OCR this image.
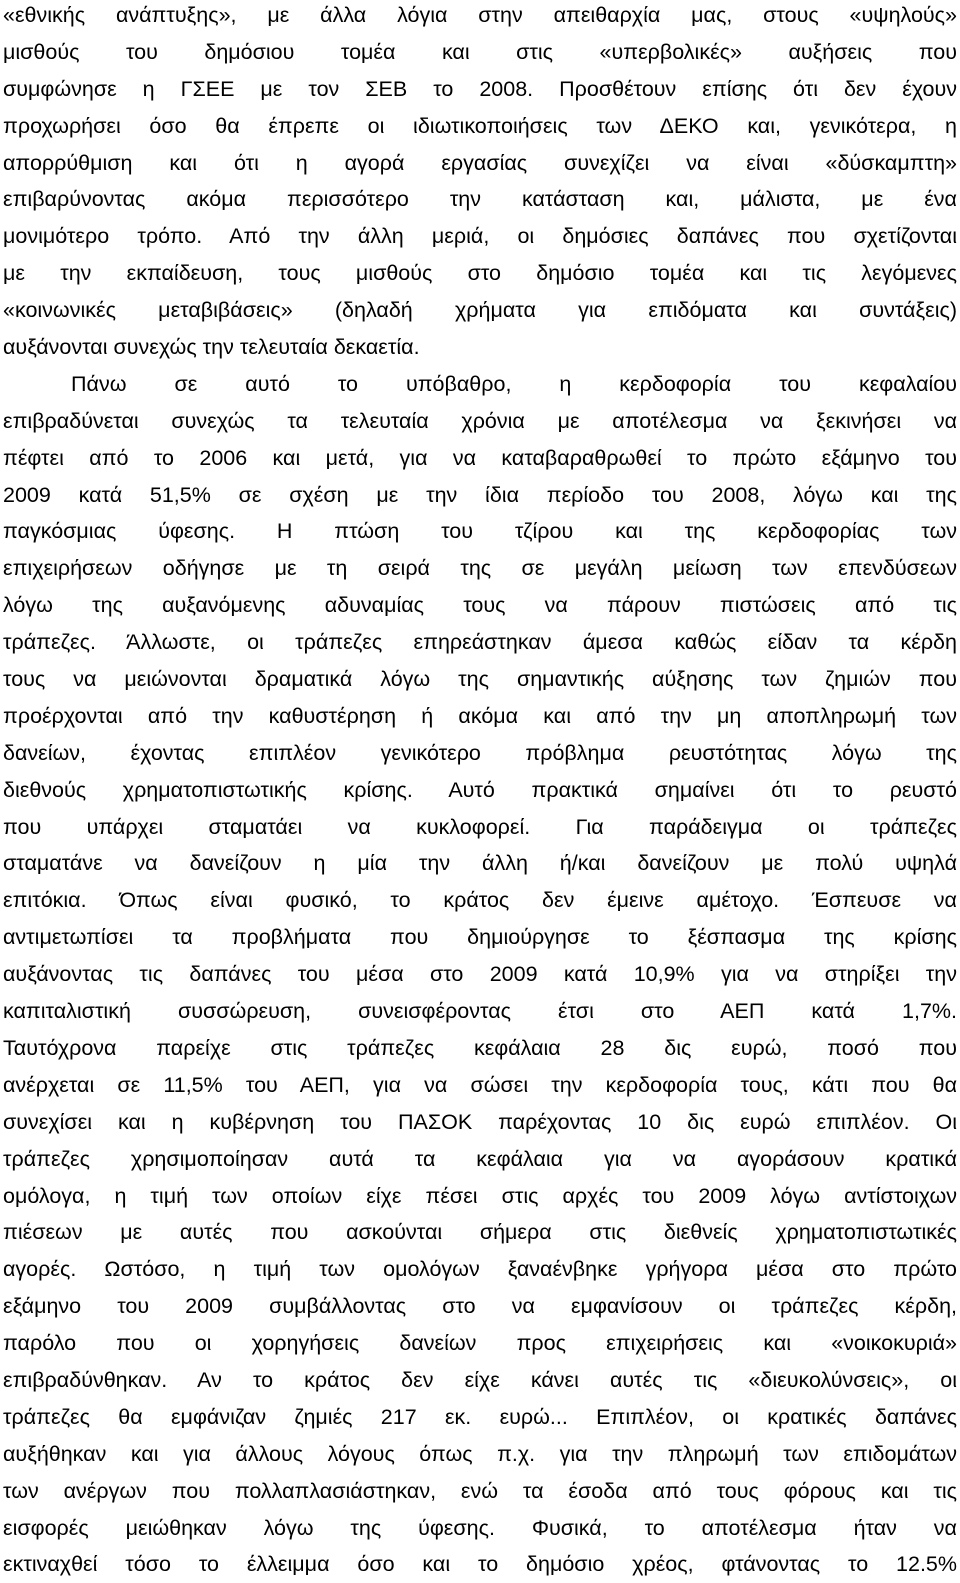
«εθνικής ανάπτυξης», με άλλα λόγια στην απειθαρχία μας, στους «υψηλούς»
μισθούς του δημόσιου τομέα και στις «υπερβολικές» αυξήσεις που
συμφώνησε η ΓΣΕΕ με τον ΣΕΒ το 2008. Προσθέτουν επίσης ότι δεν έχουν
προχωρήσει όσο θα έπρεπε οι ιδιωτικοποιήσεις των ΔΕΚΟ και, γενικότερα, η
απορρύθμιση και ότι η αγορά εργασίας συνεχίζει να είναι «δύσκαμπτη»
επιβαρύνοντας ακόμα περισσότερο την κατάσταση και, μάλιστα, με ένα
μονιμότερο τρόπο. Από την άλλη μεριά, οι δημόσιες δαπάνες που σχετίζονται
με την εκπαίδευση, τους μισθούς στο δημόσιο τομέα και τις λεγόμενες
«κοινωνικές μεταβιβάσεις» (δηλαδή χρήματα για επιδόματα και συντάξεις)
αυξάνονται συνεχώς την τελευταία δεκαετία.
Πάνω σε αυτό το υπόβαθρο, η κερδοφορία του κεφαλαίου
επιβραδύνεται συνεχώς τα τελευταία χρόνια με αποτέλεσμα να ξεκινήσει να
πέφτει από το 2006 και μετά, για να καταβαραθρωθεί το πρώτο εξάμηνο του
2009 κατά 51,5% σε σχέση με την ίδια περίοδο του 2008, λόγω και της
παγκόσμιας ύφεσης. Η πτώση του τζίρου και της κερδοφορίας των
επιχειρήσεων οδήγησε με τη σειρά της σε μεγάλη μείωση των επενδύσεων
λόγω της αυξανόμενης αδυναμίας τους να πάρουν πιστώσεις από τις
τράπεζες. Άλλωστε, οι τράπεζες επηρεάστηκαν άμεσα καθώς είδαν τα κέρδη
τους να μειώνονται δραματικά λόγω της σημαντικής αύξησης των ζημιών που
προέρχονται από την καθυστέρηση ή ακόμα και από την μη αποπληρωμή των
δανείων, έχοντας επιπλέον γενικότερο πρόβλημα ρευστότητας λόγω της
διεθνούς χρηματοπιστωτικής κρίσης. Αυτό πρακτικά σημαίνει ότι το ρευστό
που υπάρχει σταματάει να κυκλοφορεί. Για παράδειγμα οι τράπεζες
σταματάνε να δανείζουν η μία την άλλη ή/και δανείζουν με πολύ υψηλά
επιτόκια. Όπως είναι φυσικό, το κράτος δεν έμεινε αμέτοχο. Έσπευσε να
αντιμετωπίσει τα προβλήματα που δημιούργησε το ξέσπασμα της κρίσης
αυξάνοντας τις δαπάνες του μέσα στο 2009 κατά 10,9% για να στηρίξει την
καπιταλιστική συσσώρευση, συνεισφέροντας έτσι στο ΑΕΠ κατά 1,7%.
Ταυτόχρονα παρείχε στις τράπεζες κεφάλαια 28 δις ευρώ, ποσό που
ανέρχεται σε 11,5% του ΑΕΠ, για να σώσει την κερδοφορία τους, κάτι που θα
συνεχίσει και η κυβέρνηση του ΠΑΣΟΚ παρέχοντας 10 δις ευρώ επιπλέον. Οι
τράπεζες χρησιμοποίησαν αυτά τα κεφάλαια για να αγοράσουν κρατικά
ομόλογα, η τιμή των οποίων είχε πέσει στις αρχές του 2009 λόγω αντίστοιχων
πιέσεων με αυτές που ασκούνται σήμερα στις διεθνείς χρηματοπιστωτικές
αγορές. Ωστόσο, η τιμή των ομολόγων ξαναένβηκε γρήγορα μέσα στο πρώτο
εξάμηνο του 2009 συμβάλλοντας στο να εμφανίσουν οι τράπεζες κέρδη,
παρόλο που οι χορηγήσεις δανείων προς επιχειρήσεις και «νοικοκυριά»
επιβραδύνθηκαν. Αν το κράτος δεν είχε κάνει αυτές τις «διευκολύνσεις», οι
τράπεζες θα εμφάνιζαν ζημιές 217 εκ. ευρώ... Επιπλέον, οι κρατικές δαπάνες
αυξήθηκαν και για άλλους λόγους όπως π.χ. για την πληρωμή των επιδομάτων
των ανέργων που πολλαπλασιάστηκαν, ενώ τα έσοδα από τους φόρους και τις
εισφορές μειώθηκαν λόγω της ύφεσης. Φυσικά, το αποτέλεσμα ήταν να
εκτιναχθεί τόσο το έλλειμμα όσο και το δημόσιο χρέος, φτάνοντας το 12.5%
